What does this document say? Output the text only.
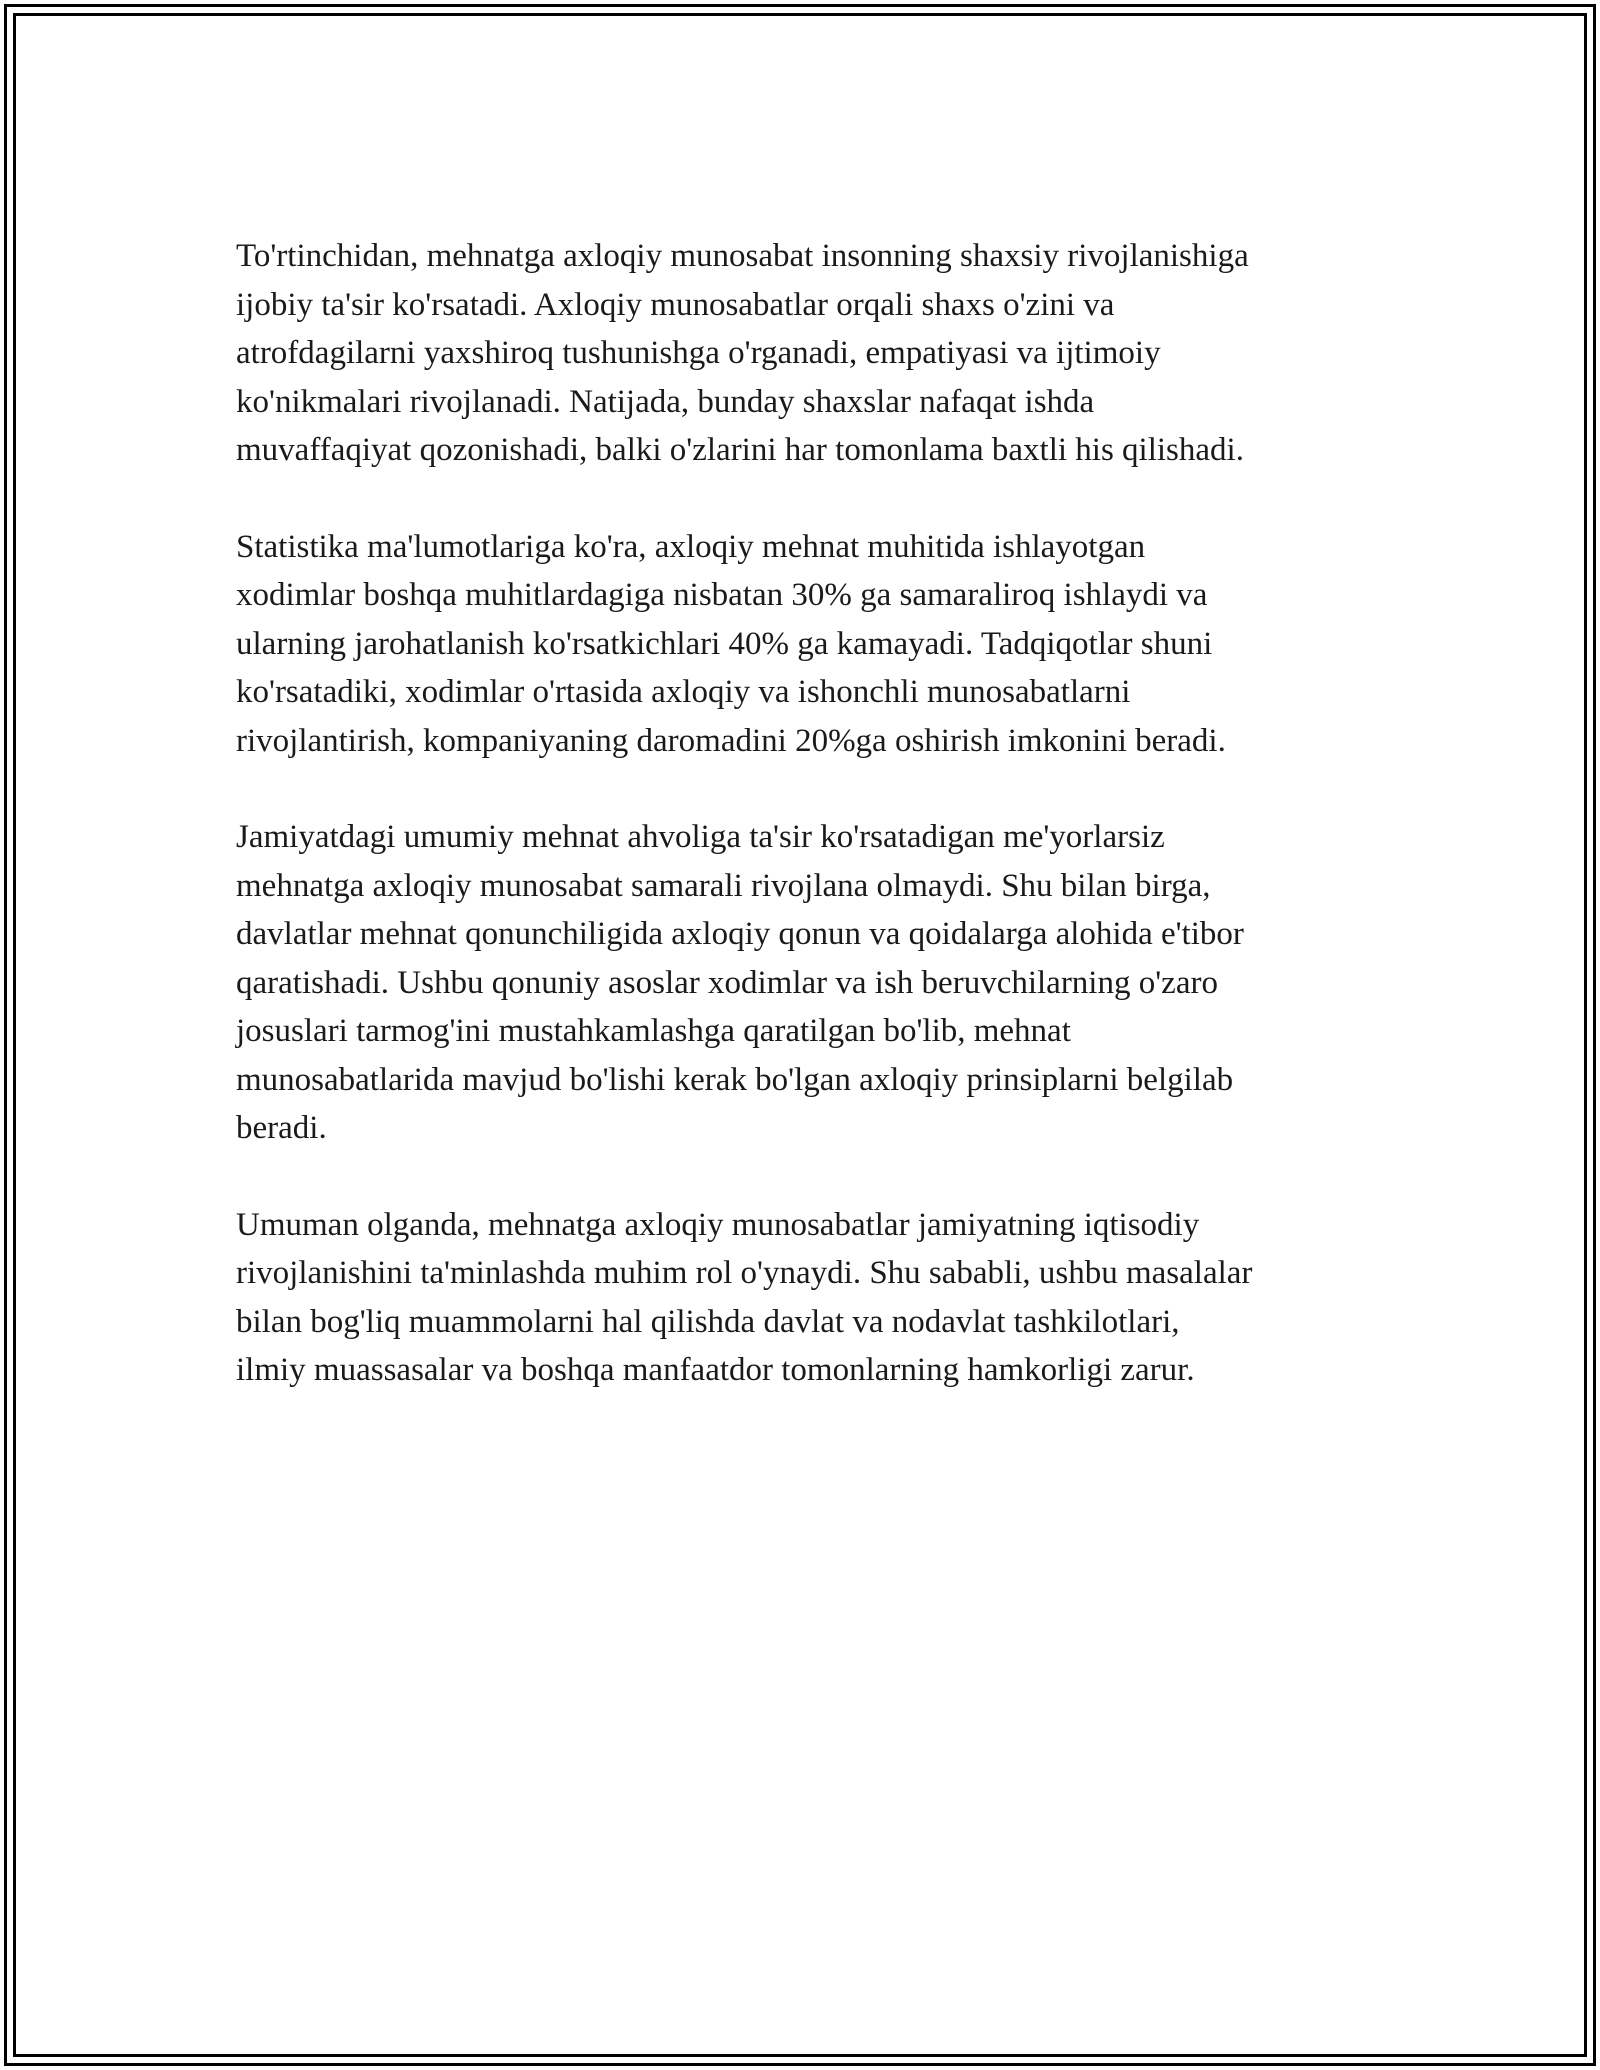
To'rtinchidan, mehnatga axloqiy munosabat insonning shaxsiy rivojlanishiga
ijobiy ta'sir ko'rsatadi. Axloqiy munosabatlar orqali shaxs o'zini va
atrofdagilarni yaxshiroq tushunishga o'rganadi, empatiyasi va ijtimoiy
ko'nikmalari rivojlanadi. Natijada, bunday shaxslar nafaqat ishda
muvaffaqiyat qozonishadi, balki o'zlarini har tomonlama baxtli his qilishadi.

Statistika ma'lumotlariga ko'ra, axloqiy mehnat muhitida ishlayotgan
xodimlar boshqa muhitlardagiga nisbatan 30% ga samaraliroq ishlaydi va
ularning jarohatlanish ko'rsatkichlari 40% ga kamayadi. Tadqiqotlar shuni
ko'rsatadiki, xodimlar o'rtasida axloqiy va ishonchli munosabatlarni
rivojlantirish, kompaniyaning daromadini 20%ga oshirish imkonini beradi.

Jamiyatdagi umumiy mehnat ahvoliga ta'sir ko'rsatadigan me'yorlarsiz
mehnatga axloqiy munosabat samarali rivojlana olmaydi. Shu bilan birga,
davlatlar mehnat qonunchiligida axloqiy qonun va qoidalarga alohida e'tibor
qaratishadi. Ushbu qonuniy asoslar xodimlar va ish beruvchilarning o'zaro
josuslari tarmog'ini mustahkamlashga qaratilgan bo'lib, mehnat
munosabatlarida mavjud bo'lishi kerak bo'lgan axloqiy prinsiplarni belgilab
beradi.

Umuman olganda, mehnatga axloqiy munosabatlar jamiyatning iqtisodiy
rivojlanishini ta'minlashda muhim rol o'ynaydi. Shu sababli, ushbu masalalar
bilan bog'liq muammolarni hal qilishda davlat va nodavlat tashkilotlari,
ilmiy muassasalar va boshqa manfaatdor tomonlarning hamkorligi zarur.
